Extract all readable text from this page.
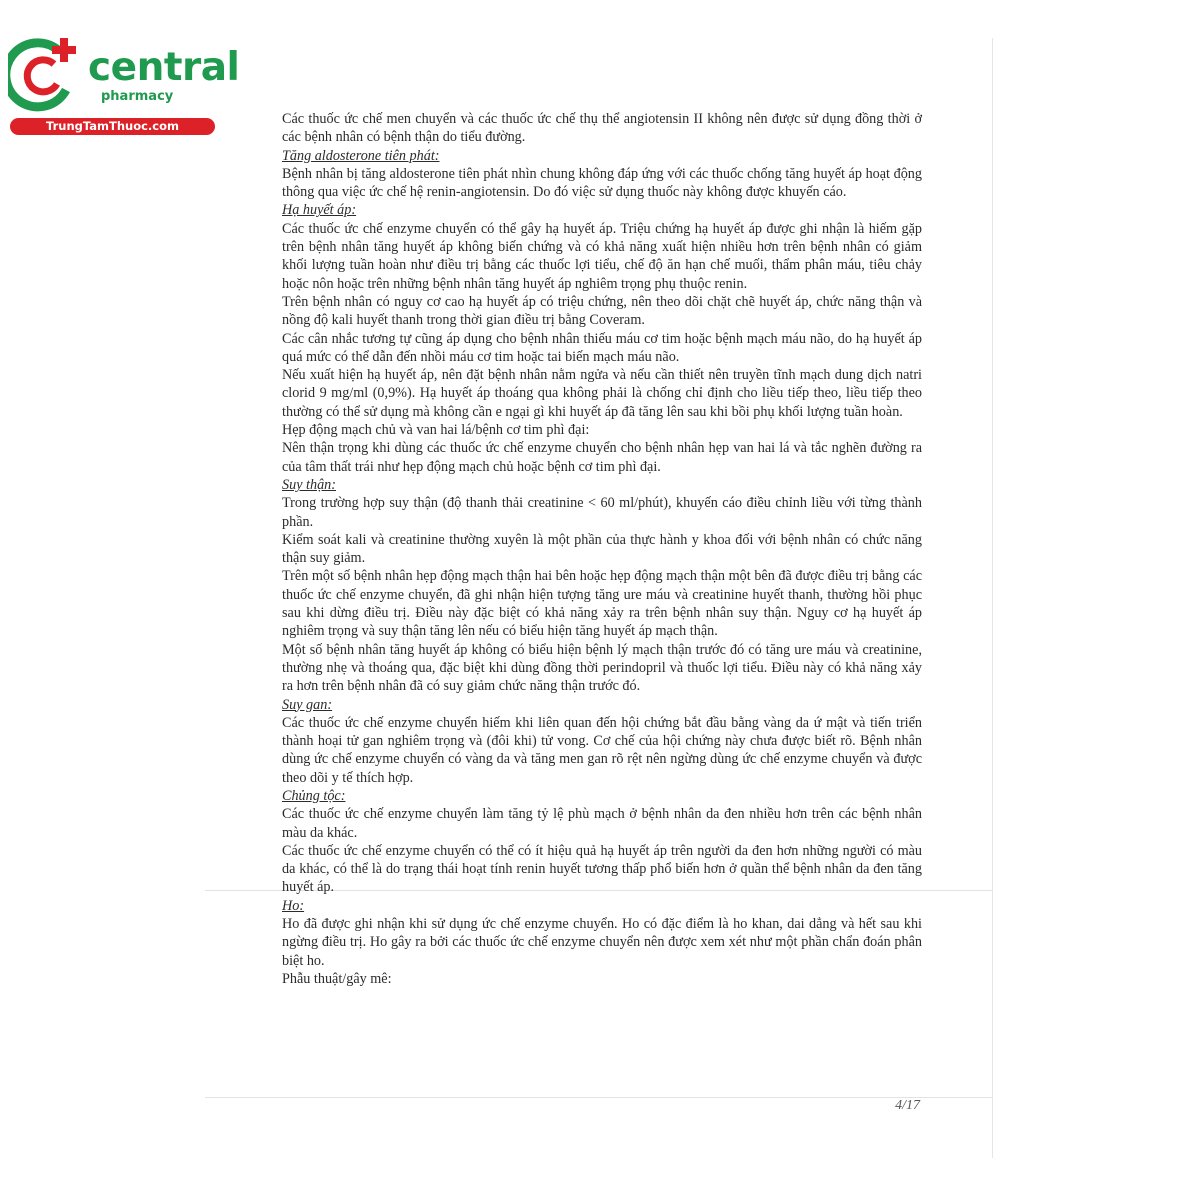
central
pharmacy
TrungTamThuoc.com	Các thuốc ức chế men chuyển và các thuốc ức chế thụ thể angiotensin II không nên được sử dụng đồng thời ở các bệnh nhân có bệnh thận do tiểu đường.

Tăng aldosterone tiên phát:

Bệnh nhân bị tăng aldosterone tiên phát nhìn chung không đáp ứng với các thuốc chống tăng huyết áp hoạt động thông qua việc ức chế hệ renin-angiotensin. Do đó việc sử dụng thuốc này không được khuyến cáo.

Hạ huyết áp:

Các thuốc ức chế enzyme chuyển có thể gây hạ huyết áp. Triệu chứng hạ huyết áp được ghi nhận là hiếm gặp trên bệnh nhân tăng huyết áp không biến chứng và có khả năng xuất hiện nhiều hơn trên bệnh nhân có giảm khối lượng tuần hoàn như điều trị bằng các thuốc lợi tiểu, chế độ ăn hạn chế muối, thẩm phân máu, tiêu chảy hoặc nôn hoặc trên những bệnh nhân tăng huyết áp nghiêm trọng phụ thuộc renin.

Trên bệnh nhân có nguy cơ cao hạ huyết áp có triệu chứng, nên theo dõi chặt chẽ huyết áp, chức năng thận và nồng độ kali huyết thanh trong thời gian điều trị bằng Coveram.

Các cân nhắc tương tự cũng áp dụng cho bệnh nhân thiếu máu cơ tim hoặc bệnh mạch máu não, do hạ huyết áp quá mức có thể dẫn đến nhồi máu cơ tim hoặc tai biến mạch máu não.

Nếu xuất hiện hạ huyết áp, nên đặt bệnh nhân nằm ngửa và nếu cần thiết nên truyền tĩnh mạch dung dịch natri clorid 9 mg/ml (0,9%). Hạ huyết áp thoáng qua không phải là chống chỉ định cho liều tiếp theo, liều tiếp theo thường có thể sử dụng mà không cần e ngại gì khi huyết áp đã tăng lên sau khi bồi phụ khối lượng tuần hoàn.

Hẹp động mạch chủ và van hai lá/bệnh cơ tim phì đại:

Nên thận trọng khi dùng các thuốc ức chế enzyme chuyển cho bệnh nhân hẹp van hai lá và tắc nghẽn đường ra của tâm thất trái như hẹp động mạch chủ hoặc bệnh cơ tim phì đại.

Suy thận:

Trong trường hợp suy thận (độ thanh thải creatinine < 60 ml/phút), khuyến cáo điều chỉnh liều với từng thành phần.

Kiểm soát kali và creatinine thường xuyên là một phần của thực hành y khoa đối với bệnh nhân có chức năng thận suy giảm.

Trên một số bệnh nhân hẹp động mạch thận hai bên hoặc hẹp động mạch thận một bên đã được điều trị bằng các thuốc ức chế enzyme chuyển, đã ghi nhận hiện tượng tăng ure máu và creatinine huyết thanh, thường hồi phục sau khi dừng điều trị. Điều này đặc biệt có khả năng xảy ra trên bệnh nhân suy thận. Nguy cơ hạ huyết áp nghiêm trọng và suy thận tăng lên nếu có biểu hiện tăng huyết áp mạch thận.

Một số bệnh nhân tăng huyết áp không có biểu hiện bệnh lý mạch thận trước đó có tăng ure máu và creatinine, thường nhẹ và thoáng qua, đặc biệt khi dùng đồng thời perindopril và thuốc lợi tiểu. Điều này có khả năng xảy ra hơn trên bệnh nhân đã có suy giảm chức năng thận trước đó.

Suy gan:

Các thuốc ức chế enzyme chuyển hiếm khi liên quan đến hội chứng bắt đầu bằng vàng da ứ mật và tiến triển thành hoại tử gan nghiêm trọng và (đôi khi) tử vong. Cơ chế của hội chứng này chưa được biết rõ. Bệnh nhân dùng ức chế enzyme chuyển có vàng da và tăng men gan rõ rệt nên ngừng dùng ức chế enzyme chuyển và được theo dõi y tế thích hợp.

Chủng tộc:

Các thuốc ức chế enzyme chuyển làm tăng tỷ lệ phù mạch ở bệnh nhân da đen nhiều hơn trên các bệnh nhân màu da khác.

Các thuốc ức chế enzyme chuyển có thể có ít hiệu quả hạ huyết áp trên người da đen hơn những người có màu da khác, có thể là do trạng thái hoạt tính renin huyết tương thấp phổ biến hơn ở quần thể bệnh nhân da đen tăng huyết áp.

Ho:

Ho đã được ghi nhận khi sử dụng ức chế enzyme chuyển. Ho có đặc điểm là ho khan, dai dẳng và hết sau khi ngừng điều trị. Ho gây ra bởi các thuốc ức chế enzyme chuyển nên được xem xét như một phần chẩn đoán phân biệt ho.

Phẫu thuật/gây mê:

4/17
